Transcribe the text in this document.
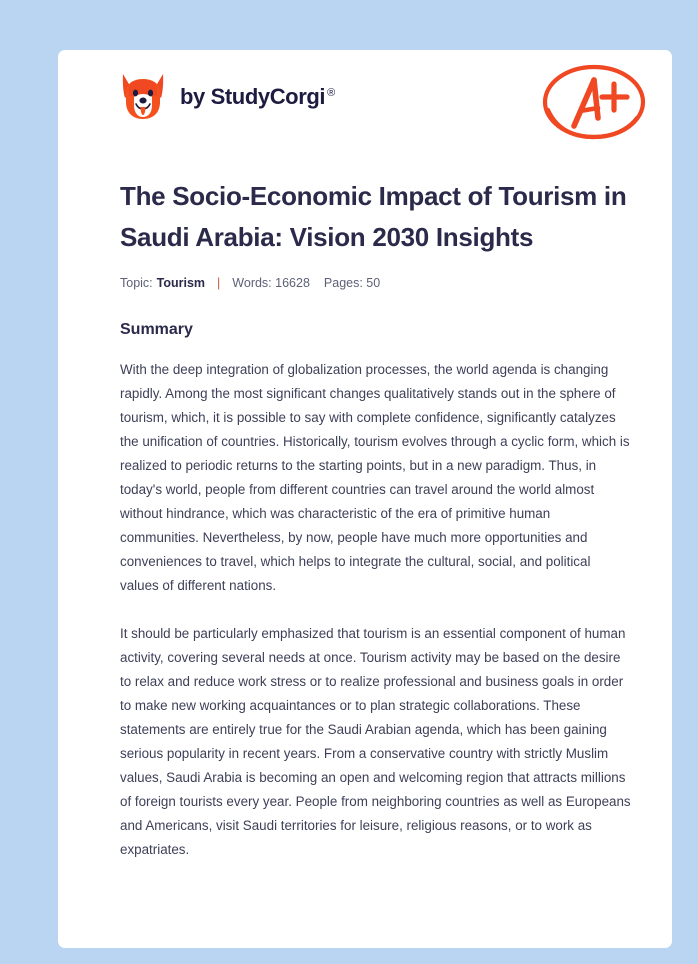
by StudyCorgi ®
The Socio-Economic Impact of Tourism in Saudi Arabia: Vision 2030 Insights
Topic: Tourism | Words: 16628 Pages: 50
Summary

With the deep integration of globalization processes, the world agenda is changing rapidly. Among the most significant changes qualitatively stands out in the sphere of tourism, which, it is possible to say with complete confidence, significantly catalyzes the unification of countries. Historically, tourism evolves through a cyclic form, which is realized to periodic returns to the starting points, but in a new paradigm. Thus, in today's world, people from different countries can travel around the world almost without hindrance, which was characteristic of the era of primitive human communities. Nevertheless, by now, people have much more opportunities and conveniences to travel, which helps to integrate the cultural, social, and political values of different nations.

It should be particularly emphasized that tourism is an essential component of human activity, covering several needs at once. Tourism activity may be based on the desire to relax and reduce work stress or to realize professional and business goals in order to make new working acquaintances or to plan strategic collaborations. These statements are entirely true for the Saudi Arabian agenda, which has been gaining serious popularity in recent years. From a conservative country with strictly Muslim values, Saudi Arabia is becoming an open and welcoming region that attracts millions of foreign tourists every year. People from neighboring countries as well as Europeans and Americans, visit Saudi territories for leisure, religious reasons, or to work as expatriates.
